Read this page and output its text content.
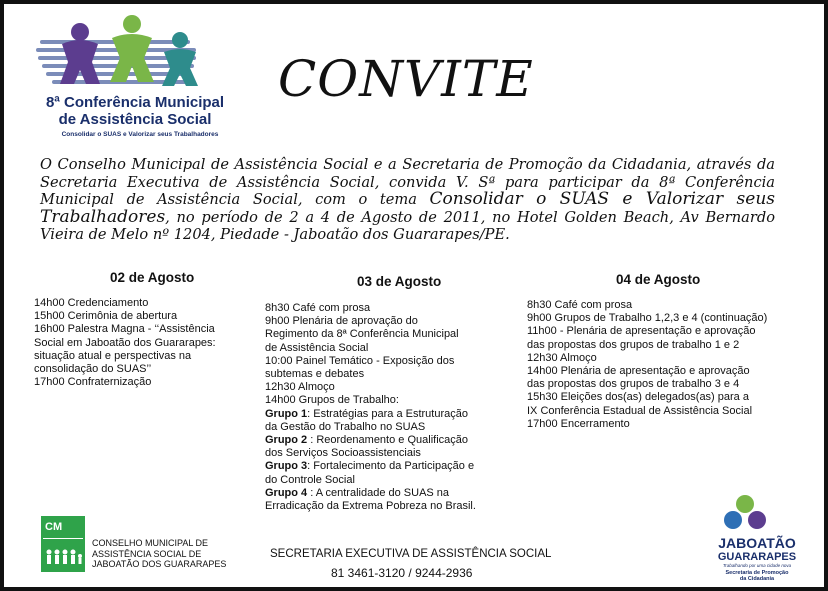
8ª Conferência Municipal
de Assistência Social
Consolidar o SUAS e Valorizar seus Trabalhadores
CONVITE
O Conselho Municipal de Assistência Social e a Secretaria de Promoção da Cidadania, através da Secretaria Executiva de Assistência Social, convida V. Sª para participar da 8ª Conferência Municipal de Assistência Social, com o tema Consolidar o SUAS e Valorizar seus Trabalhadores, no período de 2 a 4 de Agosto de 2011, no Hotel Golden Beach, Av Bernardo Vieira de Melo nº 1204, Piedade - Jaboatão dos Guararapes/PE.
02 de Agosto
14h00 Credenciamento
15h00 Cerimônia de abertura
16h00 Palestra Magna - ‘‘Assistência
Social em Jaboatão dos Guararapes:
situação atual e perspectivas na
consolidação do SUAS’’
17h00 Confraternização
03 de Agosto
8h30 Café com prosa
9h00 Plenária de aprovação do
Regimento da 8ª Conferência Municipal
de Assistência Social
10:00 Painel Temático - Exposição dos
subtemas e debates
12h30 Almoço
14h00 Grupos de Trabalho:
Grupo 1: Estratégias para a Estruturação
da Gestão do Trabalho no SUAS
Grupo 2 : Reordenamento e Qualificação
dos Serviços Socioassistenciais
Grupo 3: Fortalecimento da Participação e
do Controle Social
Grupo 4 : A centralidade do SUAS na
Erradicação da Extrema Pobreza no Brasil.
04 de Agosto
8h30 Café com prosa
9h00 Grupos de Trabalho 1,2,3 e 4 (continuação)
11h00 - Plenária de apresentação e aprovação
das propostas dos grupos de trabalho 1 e 2
12h30 Almoço
14h00 Plenária de apresentação e aprovação
das propostas dos grupos de trabalho 3 e 4
15h30 Eleições dos(as) delegados(as) para a
IX Conferência Estadual de Assistência Social
17h00 Encerramento
CM
CONSELHO MUNICIPAL DE
ASSISTÊNCIA SOCIAL DE
JABOATÃO DOS GUARARAPES
SECRETARIA EXECUTIVA DE ASSISTÊNCIA SOCIAL
81 3461-3120 / 9244-2936
JABOATÃO
GUARARAPES
Trabalhando por uma cidade nova
Secretaria de Promoção
da Cidadania
